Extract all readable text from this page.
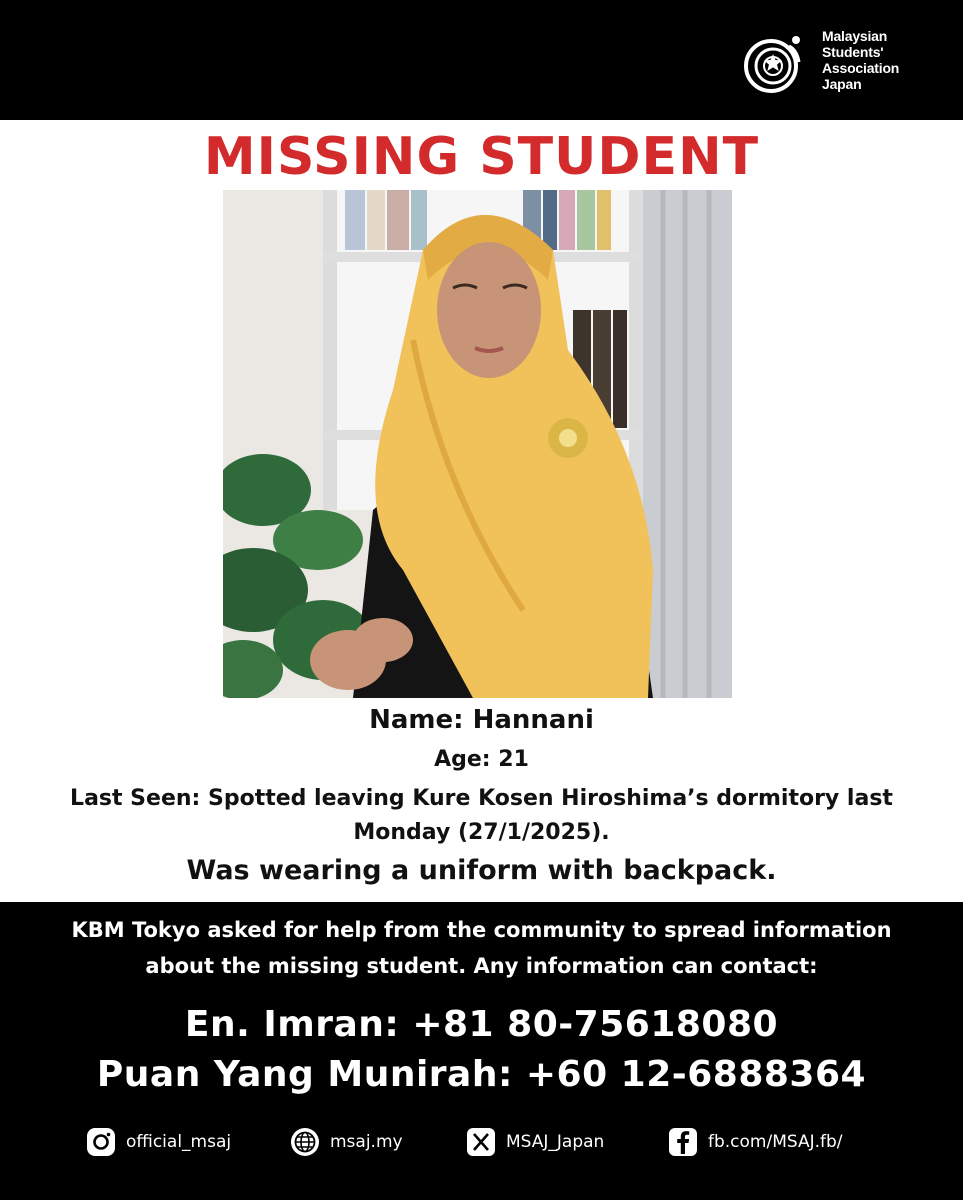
Malaysian
Students'
Association
Japan
MISSING STUDENT
Name: Hannani
Age: 21
Last Seen: Spotted leaving Kure Kosen Hiroshima’s dormitory last Monday (27/1/2025).
Was wearing a uniform with backpack.
KBM Tokyo asked for help from the community to spread information about the missing student. Any information can contact:
En. Imran: +81 80-75618080
Puan Yang Munirah: +60 12-6888364
official_msaj	msaj.my	MSAJ_Japan	fb.com/MSAJ.fb/
